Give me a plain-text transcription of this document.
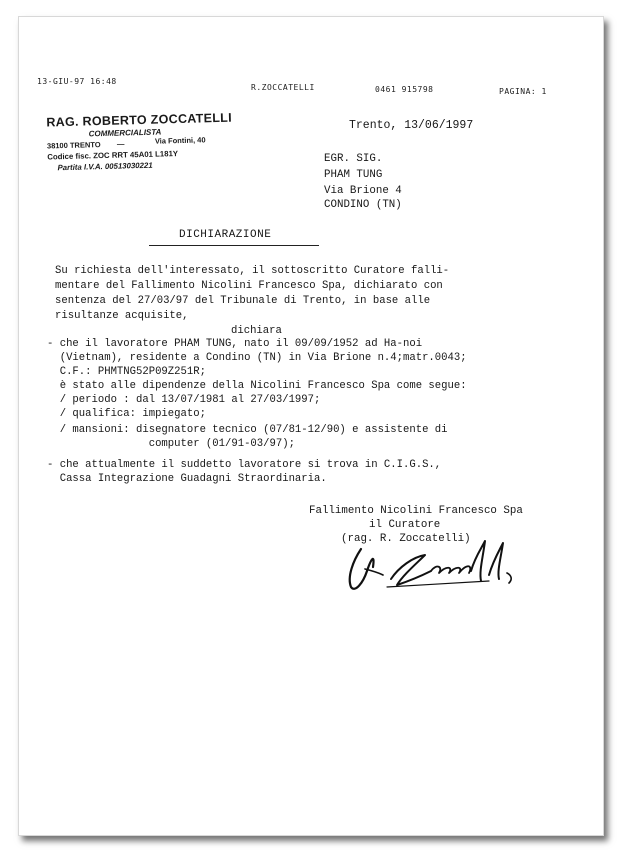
13-GIU-97 16:48
R.ZOCCATELLI	0461 915798	PAGINA: 1
RAG. ROBERTO ZOCCATELLI
COMMERCIALISTA
38100 TRENTO —	Via Fontini, 40
Codice fisc. ZOC RRT 45A01 L181Y
Partita I.V.A. 00513030221
Trento, 13/06/1997
EGR. SIG.
PHAM TUNG
Via Brione 4
CONDINO (TN)
DICHIARAZIONE
Su richiesta dell'interessato, il sottoscritto Curatore falli-
mentare del Fallimento Nicolini Francesco Spa, dichiarato con
sentenza del 27/03/97 del Tribunale di Trento, in base alle
risultanze acquisite,
dichiara
- che il lavoratore PHAM TUNG, nato il 09/09/1952 ad Ha-noi
(Vietnam), residente a Condino (TN) in Via Brione n.4;matr.0043;
C.F.: PHMTNG52P09Z251R;
è stato alle dipendenze della Nicolini Francesco Spa come segue:
/ periodo : dal 13/07/1981 al 27/03/1997;
/ qualifica: impiegato;
/ mansioni: disegnatore tecnico (07/81-12/90) e assistente di
computer (01/91-03/97);
- che attualmente il suddetto lavoratore si trova in C.I.G.S.,
Cassa Integrazione Guadagni Straordinaria.
Fallimento Nicolini Francesco Spa
il Curatore
(rag. R. Zoccatelli)
